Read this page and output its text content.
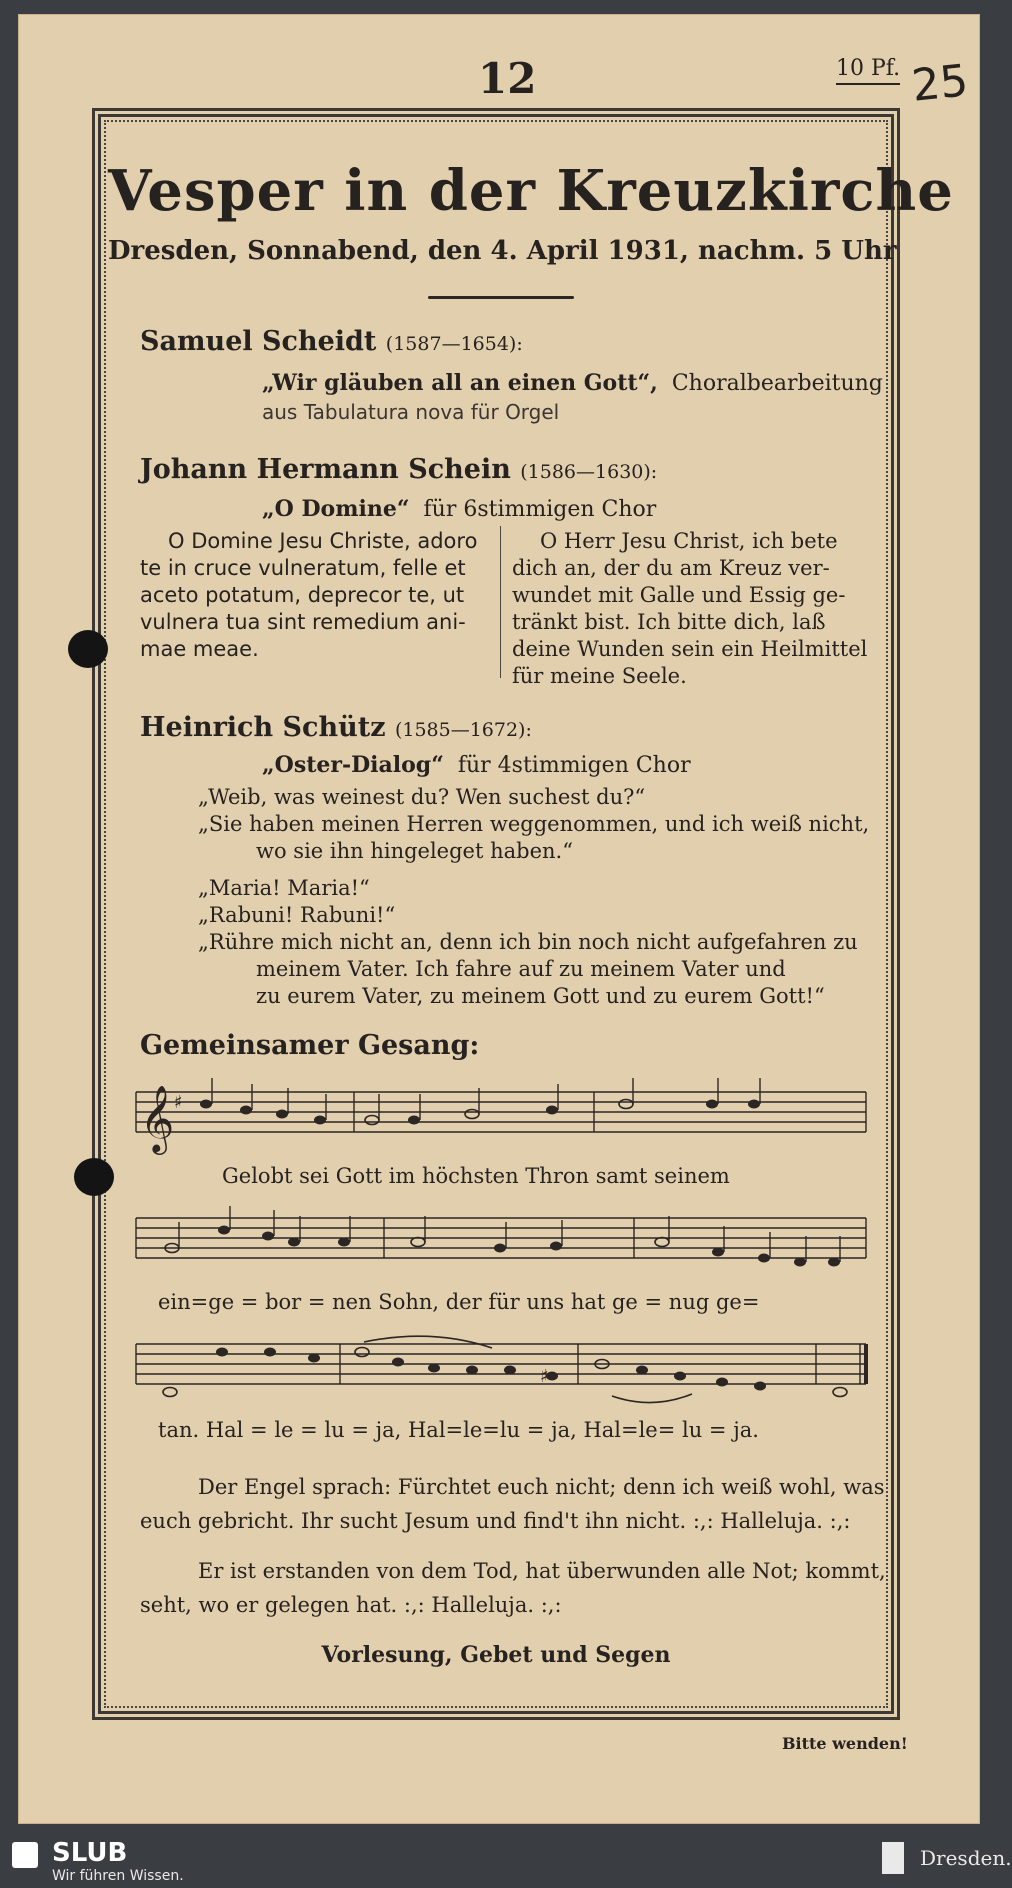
12	10 Pf. 25
Vesper in der Kreuzkirche
Dresden, Sonnabend, den 4. April 1931, nachm. 5 Uhr
Samuel Scheidt (1587—1654):
„Wir gläuben all an einen Gott“, Choralbearbeitung
aus Tabulatura nova für Orgel
Johann Hermann Schein (1586—1630):
„O Domine“ für 6stimmigen Chor
O Domine Jesu Christe, adoro
te in cruce vulneratum, felle et
aceto potatum, deprecor te, ut
vulnera tua sint remedium ani-
mae meae.
O Herr Jesu Christ, ich bete
dich an, der du am Kreuz ver-
wundet mit Galle und Essig ge-
tränkt bist. Ich bitte dich, laß
deine Wunden sein ein Heilmittel
für meine Seele.
Heinrich Schütz (1585—1672):
„Oster-Dialog“ für 4stimmigen Chor
„Weib, was weinest du? Wen suchest du?“
„Sie haben meinen Herren weggenommen, und ich weiß nicht,
wo sie ihn hingeleget haben.“
„Maria! Maria!“
„Rabuni! Rabuni!“
„Rühre mich nicht an, denn ich bin noch nicht aufgefahren zu
meinem Vater. Ich fahre auf zu meinem Vater und
zu eurem Vater, zu meinem Gott und zu eurem Gott!“
Gemeinsamer Gesang:
𝄞 ♯
Gelobt sei Gott im höchsten Thron samt seinem
ein=ge = bor = nen Sohn, der für uns hat ge = nug ge=
♯
tan. Hal = le = lu = ja, Hal=le=lu = ja, Hal=le= lu = ja.
Der Engel sprach: Fürchtet euch nicht; denn ich weiß wohl, was
euch gebricht. Ihr sucht Jesum und find't ihn nicht. :,: Halleluja. :,:
Er ist erstanden von dem Tod, hat überwunden alle Not; kommt,
seht, wo er gelegen hat. :,: Halleluja. :,:
Vorlesung, Gebet und Segen
Bitte wenden!
SLUB
Wir führen Wissen.
Dresden.
